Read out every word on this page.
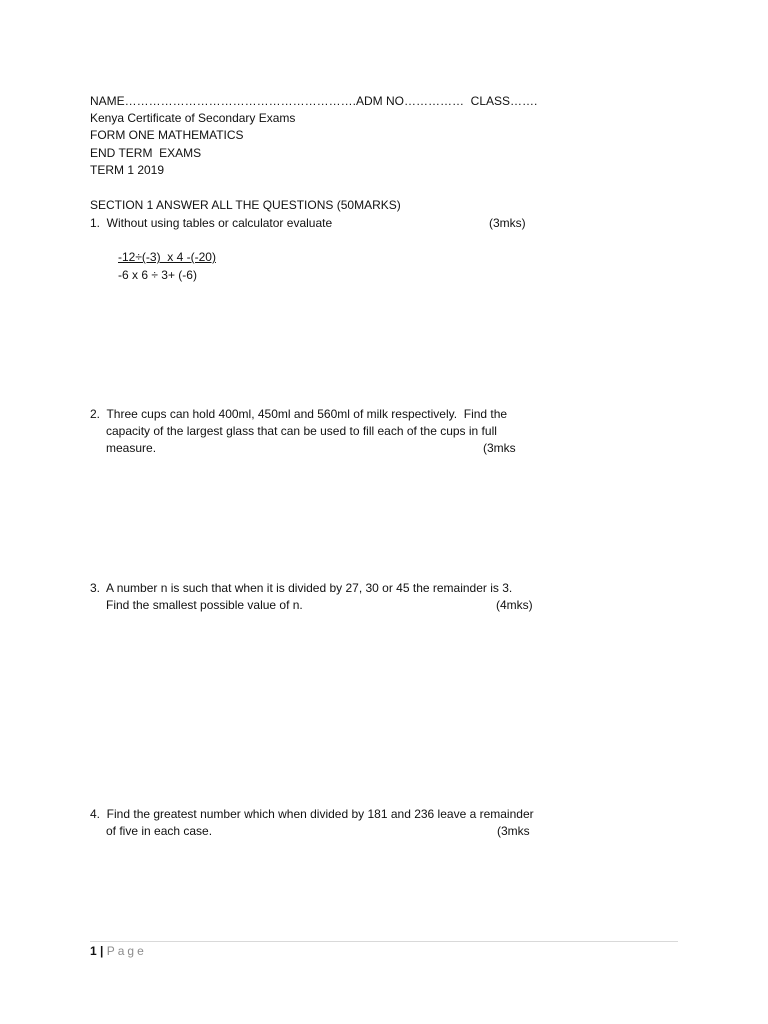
NAME………………………………………………….ADM NO……………  CLASS…….
Kenya Certificate of Secondary Exams
FORM ONE MATHEMATICS
END TERM  EXAMS
TERM 1 2019
SECTION 1 ANSWER ALL THE QUESTIONS (50MARKS)
1.  Without using tables or calculator evaluate	(3mks)
-12÷(-3)  x 4 -(-20)
-6 x 6 ÷ 3+ (-6)
2.  Three cups can hold 400ml, 450ml and 560ml of milk respectively.  Find the
capacity of the largest glass that can be used to fill each of the cups in full
measure.	(3mks
3.  A number n is such that when it is divided by 27, 30 or 45 the remainder is 3.
Find the smallest possible value of n.	(4mks)
4.  Find the greatest number which when divided by 181 and 236 leave a remainder
of five in each case.	(3mks
1 | Page
